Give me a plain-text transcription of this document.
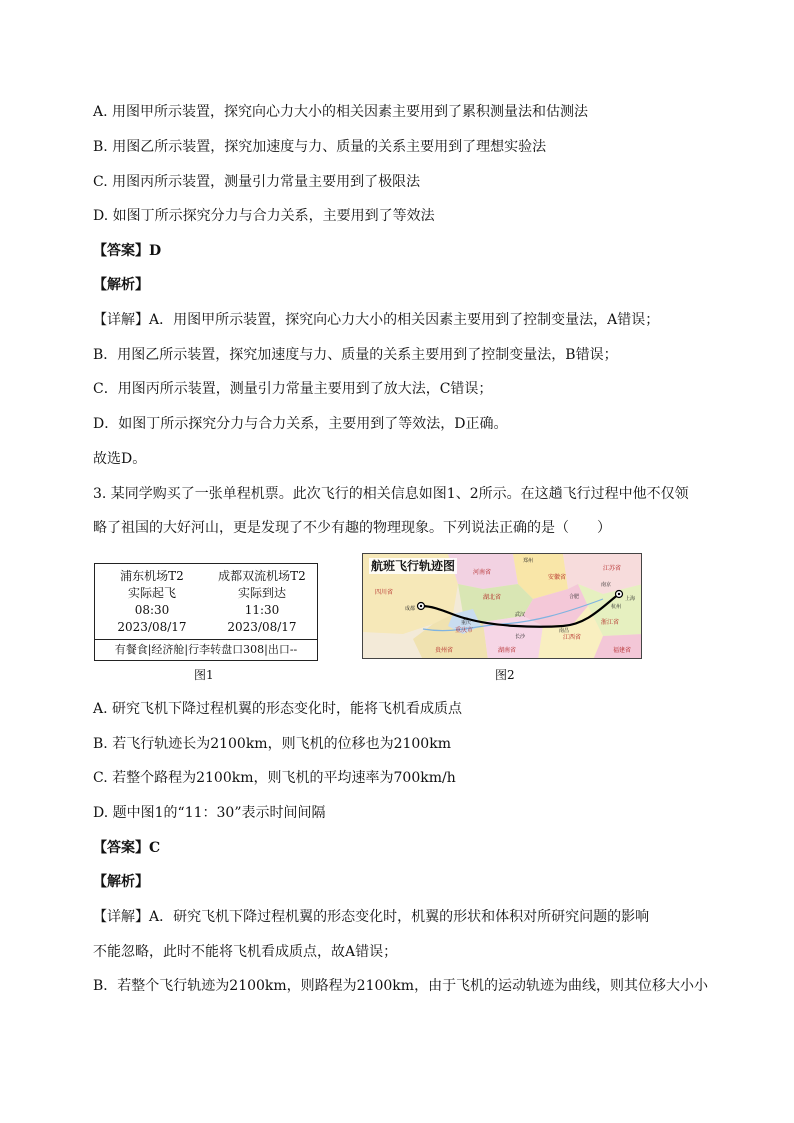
A. 用图甲所示装置，探究向心力大小的相关因素主要用到了累积测量法和估测法
B. 用图乙所示装置，探究加速度与力、质量的关系主要用到了理想实验法
C. 用图丙所示装置，测量引力常量主要用到了极限法
D. 如图丁所示探究分力与合力关系，主要用到了等效法
【答案】D
【解析】
【详解】A．用图甲所示装置，探究向心力大小的相关因素主要用到了控制变量法，A错误；
B．用图乙所示装置，探究加速度与力、质量的关系主要用到了控制变量法，B错误；
C．用图丙所示装置，测量引力常量主要用到了放大法，C错误；
D．如图丁所示探究分力与合力关系，主要用到了等效法，D正确。
故选D。
3. 某同学购买了一张单程机票。此次飞行的相关信息如图1、2所示。在这趟飞行过程中他不仅领
略了祖国的大好河山，更是发现了不少有趣的物理现象。下列说法正确的是（　　）
浦东机场T2
实际起飞
08:30
2023/08/17
成都双流机场T2
实际到达
11:30
2023/08/17
有餐食|经济舱|行李转盘口308|出口--
图1
四川省
河南省
湖北省
安徽省
江苏省
浙江省
贵州省	湖南省
江西省
福建省
重庆市
成都
重庆
武汉
合肥
南京
上海
杭州
长沙
南昌
郑州
航班飞行轨迹图
图2
A. 研究飞机下降过程机翼的形态变化时，能将飞机看成质点
B. 若飞行轨迹长为2100km，则飞机的位移也为2100km
C. 若整个路程为2100km，则飞机的平均速率为700km/h
D. 题中图1的“11：30”表示时间间隔
【答案】C
【解析】
【详解】A．研究飞机下降过程机翼的形态变化时，机翼的形状和体积对所研究问题的影响
不能忽略，此时不能将飞机看成质点，故A错误；
B．若整个飞行轨迹为2100km，则路程为2100km，由于飞机的运动轨迹为曲线，则其位移大小小
